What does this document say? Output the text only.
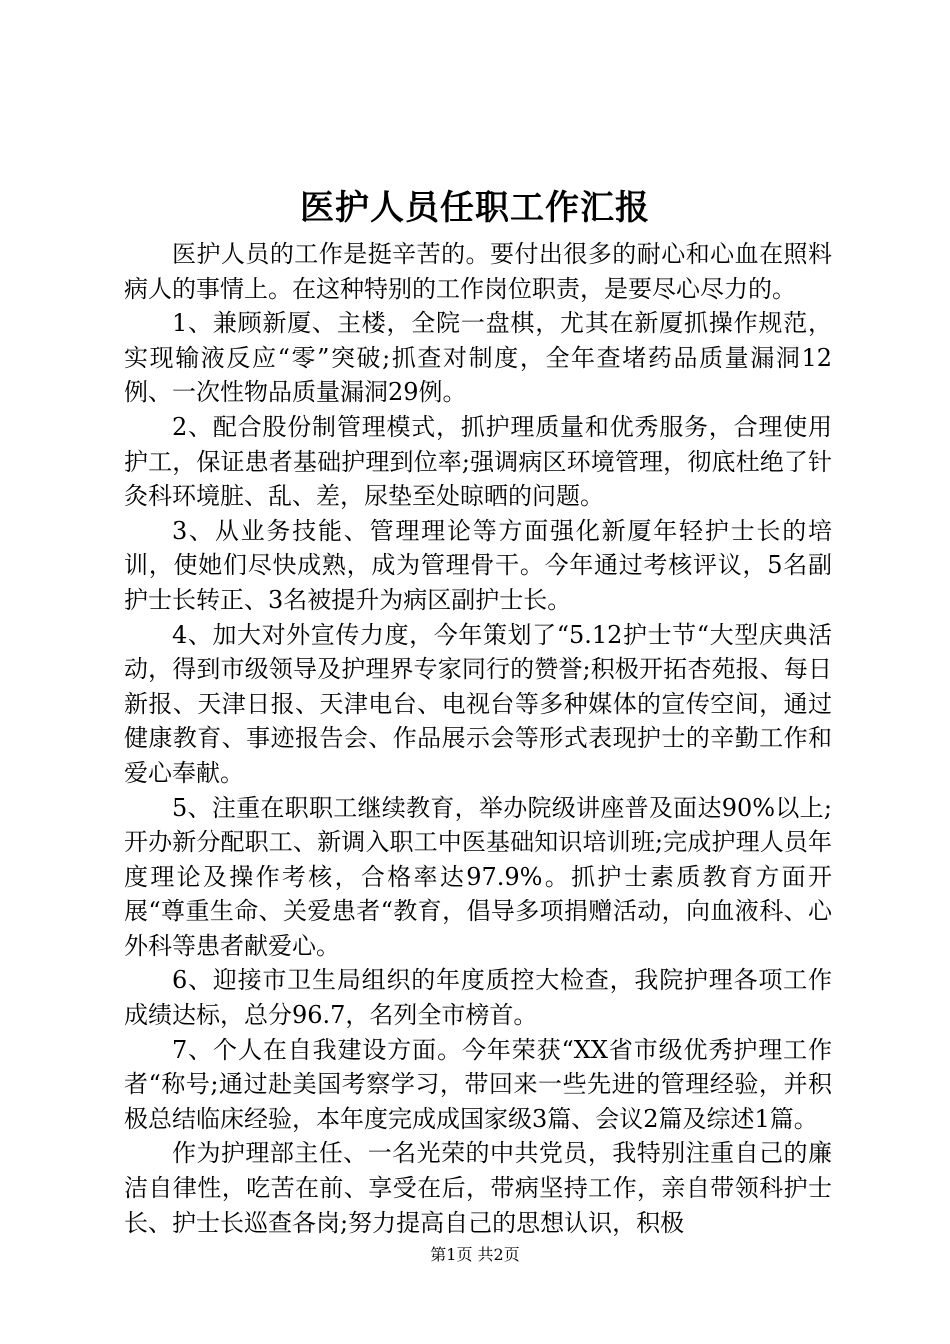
医护人员任职工作汇报

医护人员的工作是挺辛苦的。要付出很多的耐心和心血在照料病人的事情上。在这种特别的工作岗位职责，是要尽心尽力的。

1、兼顾新厦、主楼，全院一盘棋，尤其在新厦抓操作规范，实现输液反应“零”突破;抓查对制度，全年查堵药品质量漏洞12例、一次性物品质量漏洞29例。

2、配合股份制管理模式，抓护理质量和优秀服务，合理使用护工，保证患者基础护理到位率;强调病区环境管理，彻底杜绝了针灸科环境脏、乱、差，尿垫至处晾晒的问题。

3、从业务技能、管理理论等方面强化新厦年轻护士长的培训，使她们尽快成熟，成为管理骨干。今年通过考核评议，5名副护士长转正、3名被提升为病区副护士长。

4、加大对外宣传力度，今年策划了“5.12护士节“大型庆典活动，得到市级领导及护理界专家同行的赞誉;积极开拓杏苑报、每日新报、天津日报、天津电台、电视台等多种媒体的宣传空间，通过健康教育、事迹报告会、作品展示会等形式表现护士的辛勤工作和爱心奉献。

5、注重在职职工继续教育，举办院级讲座普及面达90%以上;开办新分配职工、新调入职工中医基础知识培训班;完成护理人员年度理论及操作考核，合格率达97.9%。抓护士素质教育方面开展“尊重生命、关爱患者“教育，倡导多项捐赠活动，向血液科、心外科等患者献爱心。

6、迎接市卫生局组织的年度质控大检查，我院护理各项工作成绩达标，总分96.7，名列全市榜首。

7、个人在自我建设方面。今年荣获“XX省市级优秀护理工作者“称号;通过赴美国考察学习，带回来一些先进的管理经验，并积极总结临床经验，本年度完成成国家级3篇、会议2篇及综述1篇。

作为护理部主任、一名光荣的中共党员，我特别注重自己的廉洁自律性，吃苦在前、享受在后，带病坚持工作，亲自带领科护士长、护士长巡查各岗;努力提高自己的思想认识，积极

第1页 共2页
